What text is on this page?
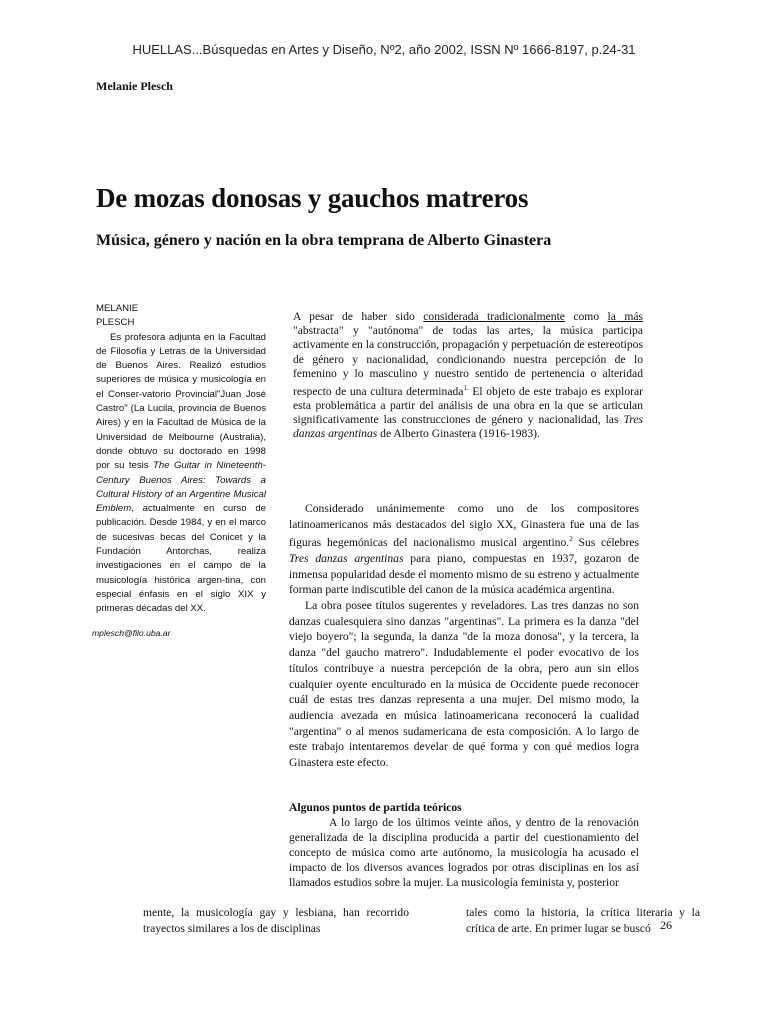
HUELLAS...Búsquedas en Artes y Diseño, Nº2, año 2002, ISSN Nº 1666-8197, p.24-31
Melanie Plesch
De mozas donosas y gauchos matreros
Música, género y nación en la obra temprana de Alberto Ginastera
MELANIE
PLESCH

Es profesora adjunta en la Facultad de Filosofía y Letras de la Universidad de Buenos Aires. Realizó estudios superiores de música y musicología en el Conser-vatorio Provincial"Juan José Castro" (La Lucila, provincia de Buenos Aires) y en la Facultad de Música de la Universidad de Melbourne (Australia), donde obtuvo su doctorado en 1998 por su tesis The Guitar in Nineteenth-Century Buenos Aires: Towards a Cultural History of an Argentine Musical Emblem, actualmente en curso de publicación. Desde 1984, y en el marco de sucesivas becas del Conicet y la Fundación Antorchas, realiza investigaciones en el campo de la musicología histórica argen-tina, con especial énfasis en el siglo XIX y primeras décadas del XX.

mplesch@filo.uba.ar
A pesar de haber sido considerada tradicionalmente como la más "abstracta" y "autónoma" de todas las artes, la música participa activamente en la construcción, propagación y perpetuación de estereotipos de género y nacionalidad, condicionando nuestra percepción de lo femenino y lo masculino y nuestro sentido de pertenencia o alteridad respecto de una cultura determinada$^{1.}$ El objeto de este trabajo es explorar esta problemática a partir del análisis de una obra en la que se articulan significativamente las construcciones de género y nacionalidad, las Tres danzas argentinas de Alberto Ginastera (1916-1983).

Considerado unánimemente como uno de los compositores latinoamericanos más destacados del siglo XX, Ginastera fue una de las figuras hegemónicas del nacionalismo musical argentino.$^2$ Sus célebres Tres danzas argentinas para piano, compuestas en 1937, gozaron de inmensa popularidad desde el momento mismo de su estreno y actualmente forman parte indiscutible del canon de la música académica argentina.

La obra posee títulos sugerentes y reveladores. Las tres danzas no son danzas cualesquiera sino danzas "argentinas". La primera es la danza "del viejo boyero"; la segunda, la danza "de la moza donosa", y la tercera, la danza "del gaucho matrero". Indudablemente el poder evocativo de los títulos contribuye a nuestra percepción de la obra, pero aun sin ellos cualquier oyente enculturado en la música de Occidente puede reconocer cuál de estas tres danzas representa a una mujer. Del mismo modo, la audiencia avezada en música latinoamericana reconocerá la cualidad "argentina" o al menos sudamericana de esta composición. A lo largo de este trabajo intentaremos develar de qué forma y con qué medios logra Ginastera este efecto.

Algunos puntos de partida teóricos

A lo largo de los últimos veinte años, y dentro de la renovación generalizada de la disciplina producida a partir del cuestionamiento del concepto de música como arte autónomo, la musicología ha acusado el impacto de los diversos avances logrados por otras disciplinas en los así llamados estudios sobre la mujer. La musicología feminista y, posterior

mente, la musicología gay y lesbiana, han recorrido trayectos similares a los de disciplinas
tales como la historia, la crítica literaria y la crítica de arte. En primer lugar se buscó 26
